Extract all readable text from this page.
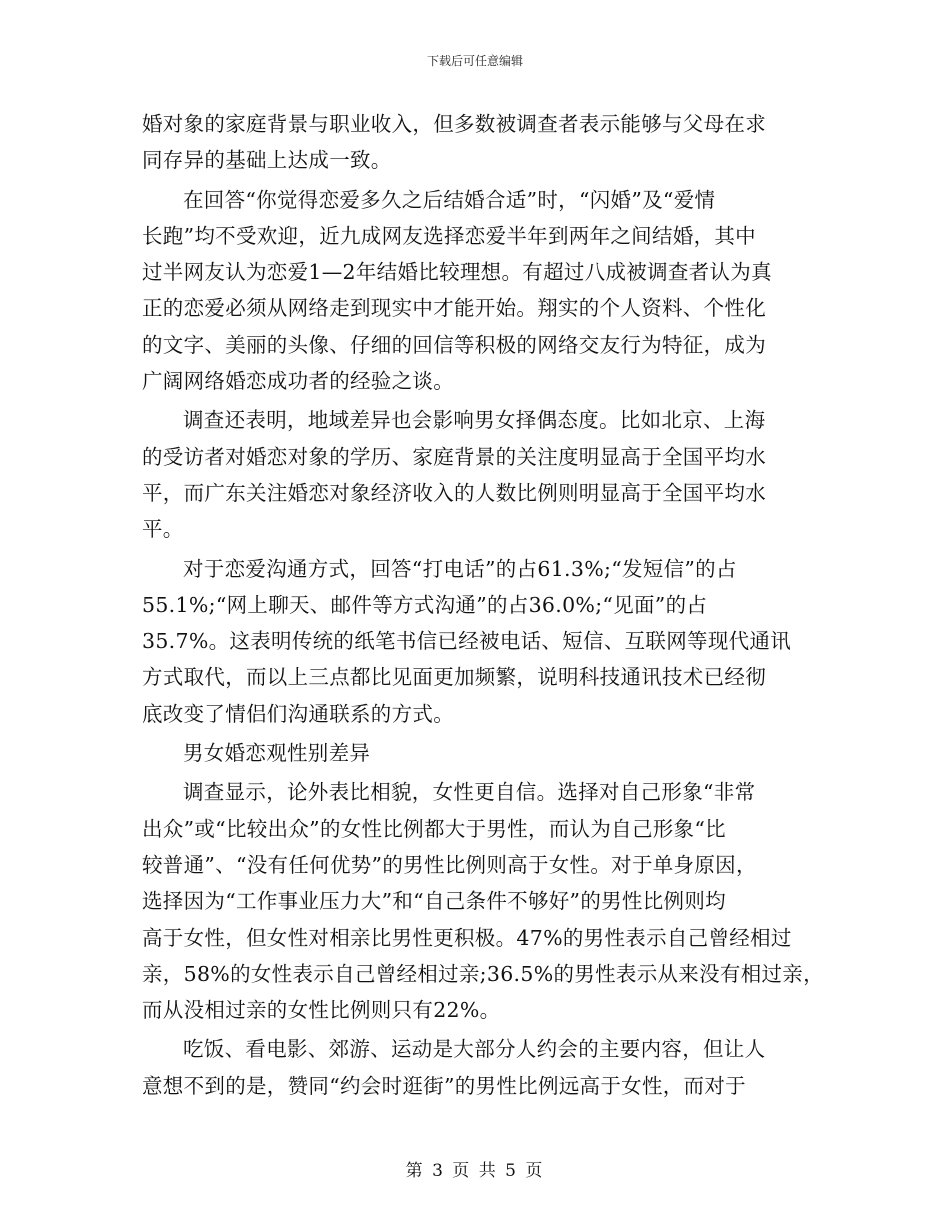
下载后可任意编辑
婚对象的家庭背景与职业收入，但多数被调查者表示能够与父母在求
同存异的基础上达成一致。
在回答“你觉得恋爱多久之后结婚合适”时，“闪婚”及“爱情
长跑”均不受欢迎，近九成网友选择恋爱半年到两年之间结婚，其中
过半网友认为恋爱1—2年结婚比较理想。有超过八成被调查者认为真
正的恋爱必须从网络走到现实中才能开始。翔实的个人资料、个性化
的文字、美丽的头像、仔细的回信等积极的网络交友行为特征，成为
广阔网络婚恋成功者的经验之谈。
调查还表明，地域差异也会影响男女择偶态度。比如北京、上海
的受访者对婚恋对象的学历、家庭背景的关注度明显高于全国平均水
平，而广东关注婚恋对象经济收入的人数比例则明显高于全国平均水
平。
对于恋爱沟通方式，回答“打电话”的占61.3%;“发短信”的占
55.1%;“网上聊天、邮件等方式沟通”的占36.0%;“见面”的占
35.7%。这表明传统的纸笔书信已经被电话、短信、互联网等现代通讯
方式取代，而以上三点都比见面更加频繁，说明科技通讯技术已经彻
底改变了情侣们沟通联系的方式。
男女婚恋观性别差异
调查显示，论外表比相貌，女性更自信。选择对自己形象“非常
出众”或“比较出众”的女性比例都大于男性，而认为自己形象“比
较普通”、“没有任何优势”的男性比例则高于女性。对于单身原因，
选择因为“工作事业压力大”和“自己条件不够好”的男性比例则均
高于女性，但女性对相亲比男性更积极。47%的男性表示自己曾经相过
亲，58%的女性表示自己曾经相过亲;36.5%的男性表示从来没有相过亲，
而从没相过亲的女性比例则只有22%。
吃饭、看电影、郊游、运动是大部分人约会的主要内容，但让人
意想不到的是，赞同“约会时逛街”的男性比例远高于女性，而对于
第 3 页 共 5 页
